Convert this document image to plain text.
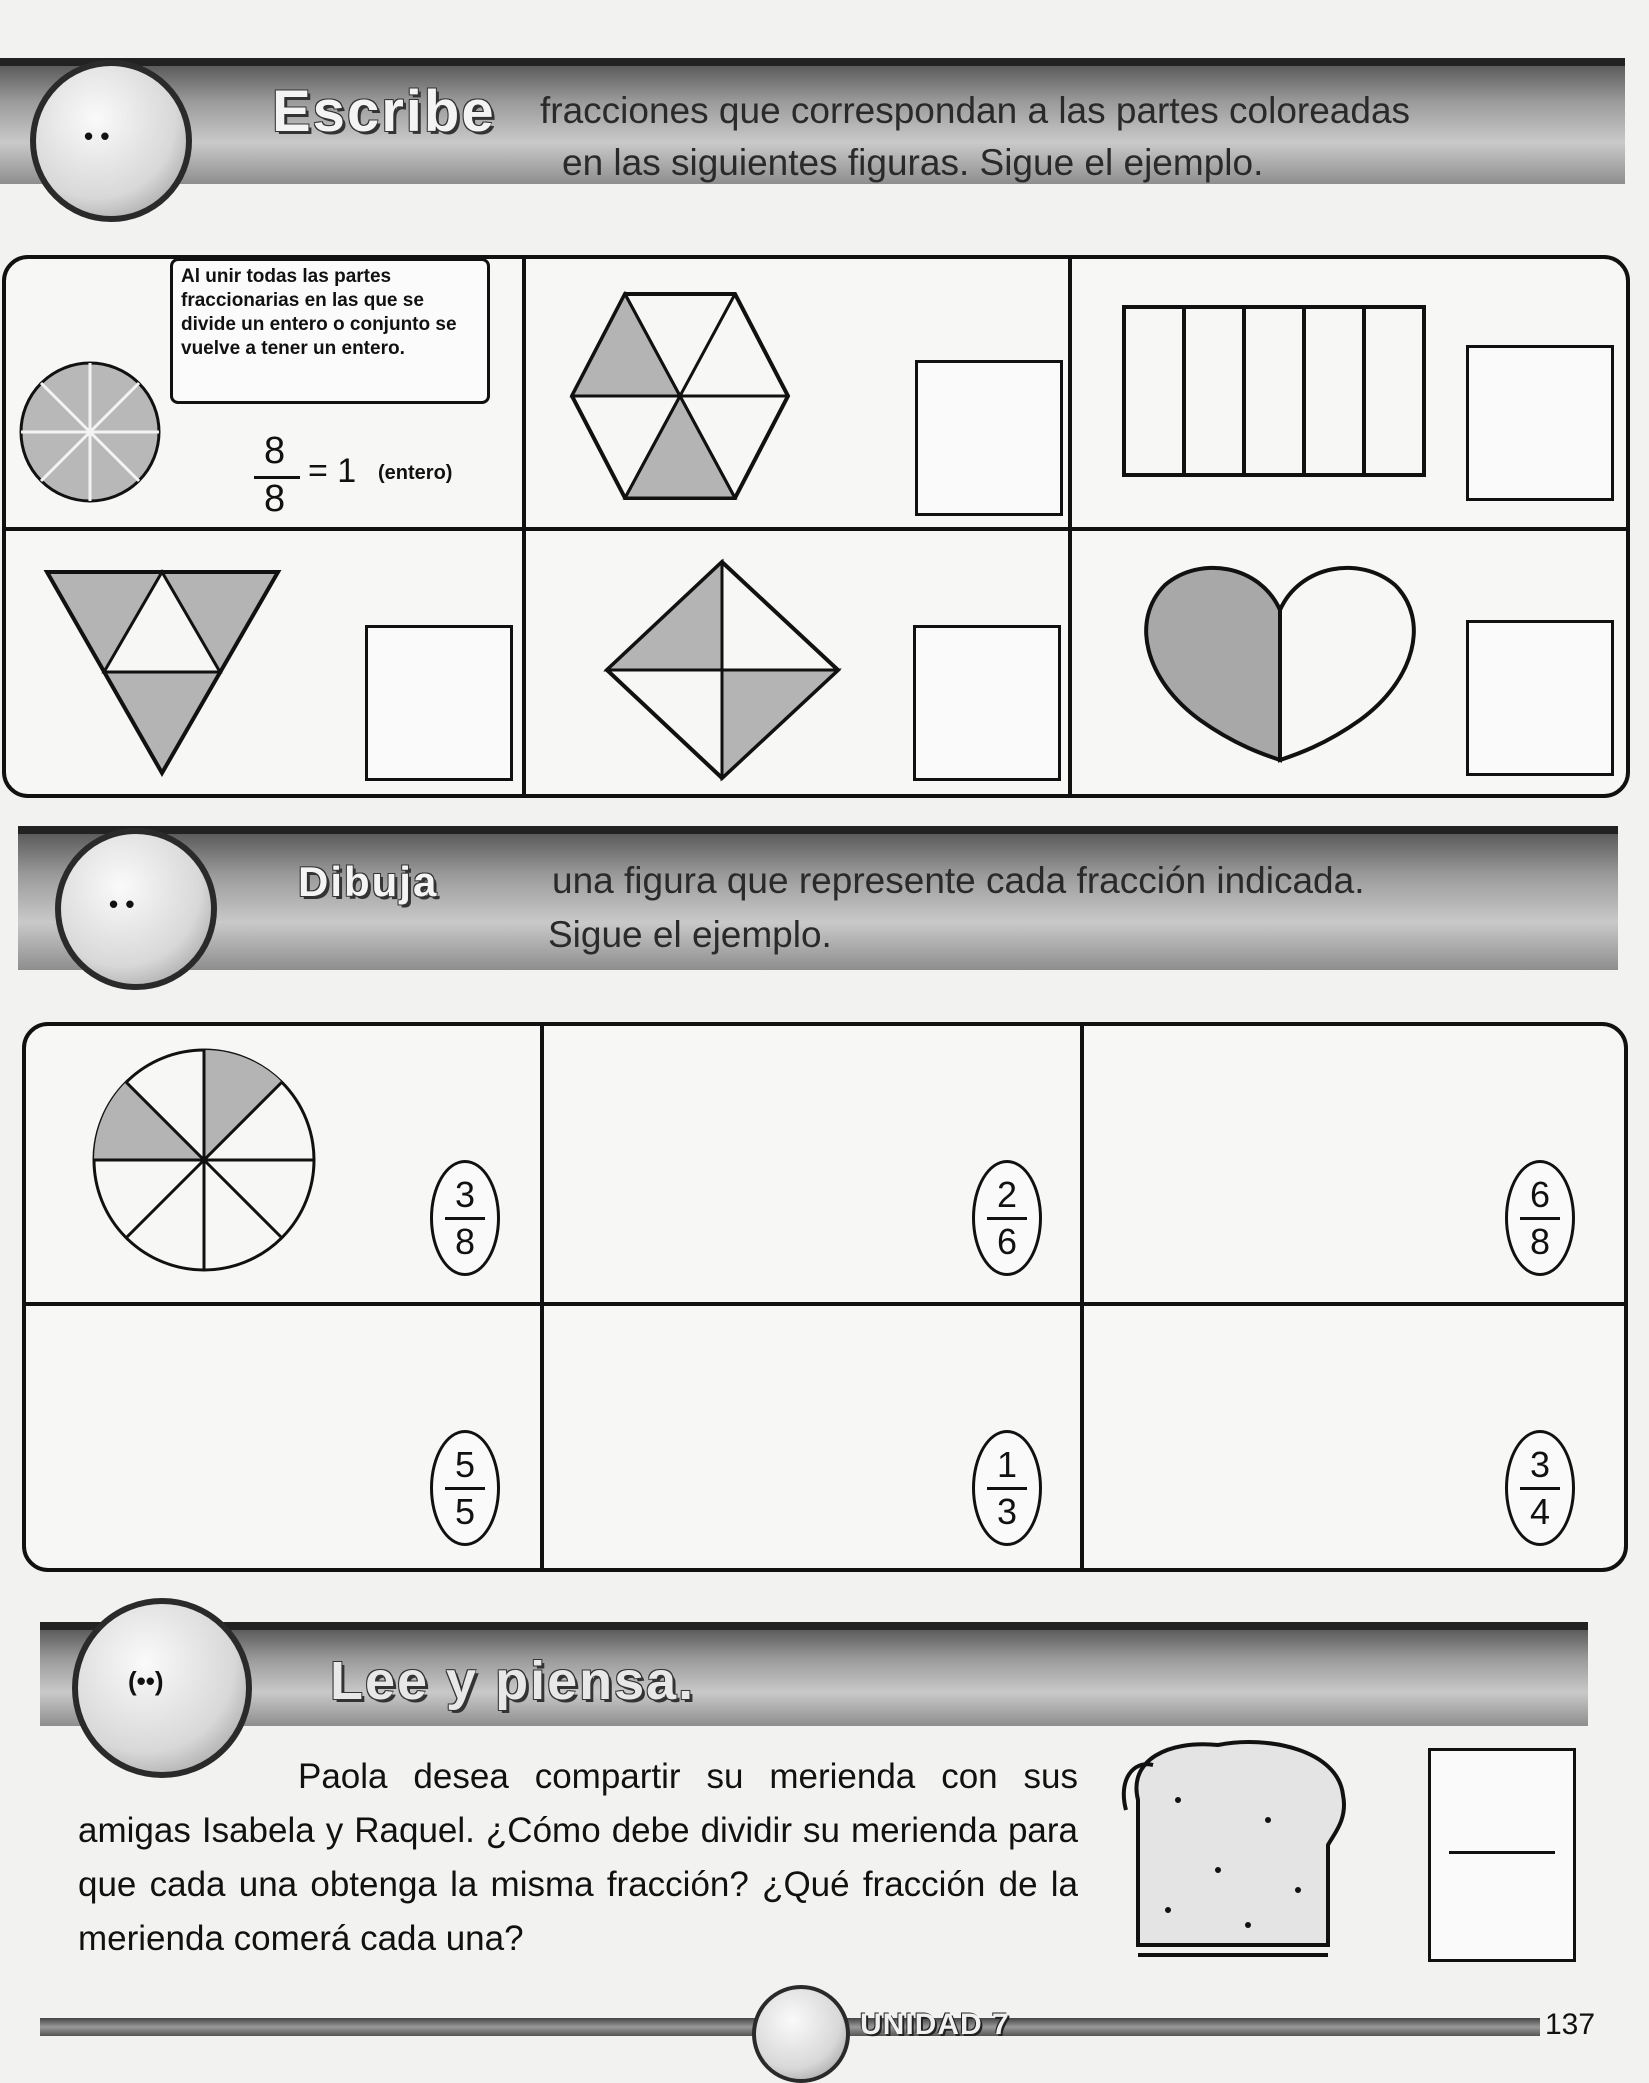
• •	Escribe fracciones que correspondan a las partes coloreadas
en las siguientes figuras. Sigue el ejemplo.
Al unir todas las partes fraccionarias en las que se divide un entero o conjunto se vuelve a tener un entero.
8
8
= 1 (entero)
• •	Dibuja	una figura que represente cada fracción indicada.
Sigue el ejemplo.
3
8
2
6
6
8
5
5
1
3
3
4
(••)	Lee y piensa.
Paola desea compartir su merienda con sus amigas Isabela y Raquel. ¿Cómo debe dividir su merienda para que cada una obtenga la misma fracción? ¿Qué fracción de la merienda comerá cada una?
UNIDAD 7	137
